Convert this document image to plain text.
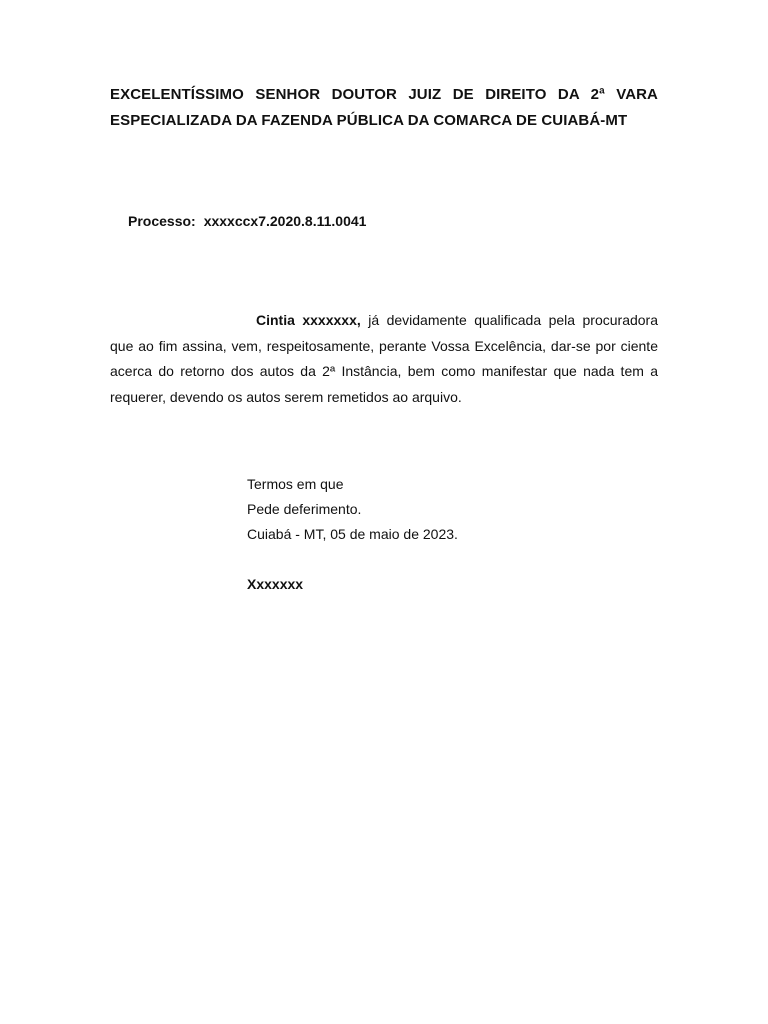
EXCELENTÍSSIMO SENHOR DOUTOR JUIZ DE DIREITO DA 2ª VARA ESPECIALIZADA DA FAZENDA PÚBLICA DA COMARCA DE CUIABÁ-MT
Processo: xxxxccx7.2020.8.11.0041
Cintia xxxxxxx, já devidamente qualificada pela procuradora que ao fim assina, vem, respeitosamente, perante Vossa Excelência, dar-se por ciente acerca do retorno dos autos da 2ª Instância, bem como manifestar que nada tem a requerer, devendo os autos serem remetidos ao arquivo.
Termos em que
Pede deferimento.
Cuiabá - MT, 05 de maio de 2023.
Xxxxxxx
